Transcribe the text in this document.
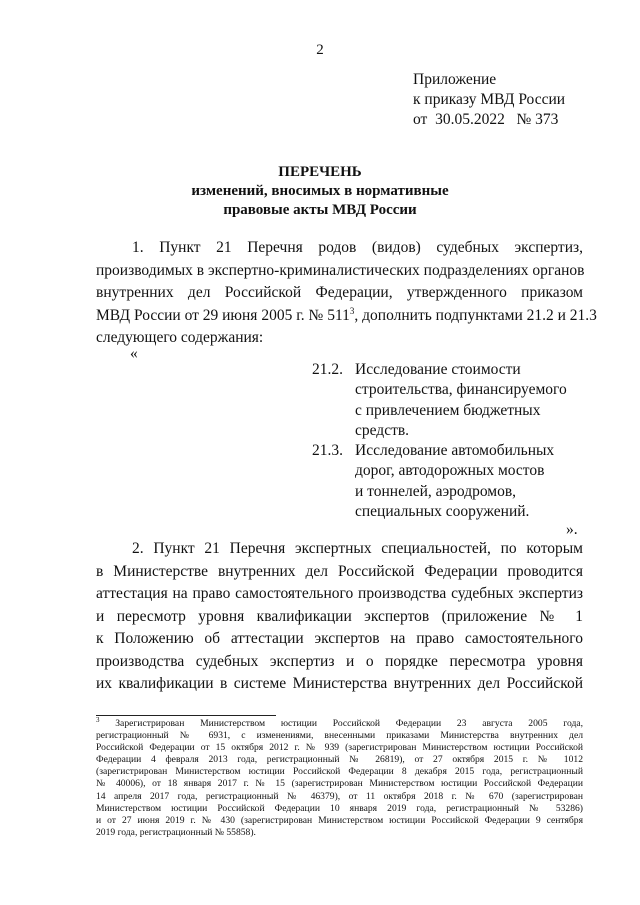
2
Приложение
к приказу МВД России
от  30.05.2022   № 373
ПЕРЕЧЕНЬ
изменений, вносимых в нормативные
правовые акты МВД России
1. Пункт 21 Перечня родов (видов) судебных экспертиз,
производимых в экспертно-криминалистических подразделениях органов
внутренних дел Российской Федерации, утвержденного приказом
МВД России от 29 июня 2005 г. № $511^3$, дополнить подпунктами 21.2 и 21.3
следующего содержания:
«
21.2. Исследование стоимости
строительства, финансируемого
с привлечением бюджетных
средств.
21.3. Исследование автомобильных
дорог, автодорожных мостов
и тоннелей, аэродромов,
специальных сооружений.
».
2. Пункт 21 Перечня экспертных специальностей, по которым
в Министерстве внутренних дел Российской Федерации проводится
аттестация на право самостоятельного производства судебных экспертиз
и пересмотр уровня квалификации экспертов (приложение № 1
к Положению об аттестации экспертов на право самостоятельного
производства судебных экспертиз и о порядке пересмотра уровня
их квалификации в системе Министерства внутренних дел Российской
$^3$ Зарегистрирован Министерством юстиции Российской Федерации 23 августа 2005 года,
регистрационный № 6931, с изменениями, внесенными приказами Министерства внутренних дел
Российской Федерации от 15 октября 2012 г. № 939 (зарегистрирован Министерством юстиции Российской
Федерации 4 февраля 2013 года, регистрационный № 26819), от 27 октября 2015 г. № 1012
(зарегистрирован Министерством юстиции Российской Федерации 8 декабря 2015 года, регистрационный
№ 40006), от 18 января 2017 г. № 15 (зарегистрирован Министерством юстиции Российской Федерации
14 апреля 2017 года, регистрационный № 46379), от 11 октября 2018 г. № 670 (зарегистрирован
Министерством юстиции Российской Федерации 10 января 2019 года, регистрационный № 53286)
и от 27 июня 2019 г. № 430 (зарегистрирован Министерством юстиции Российской Федерации 9 сентября
2019 года, регистрационный № 55858).
